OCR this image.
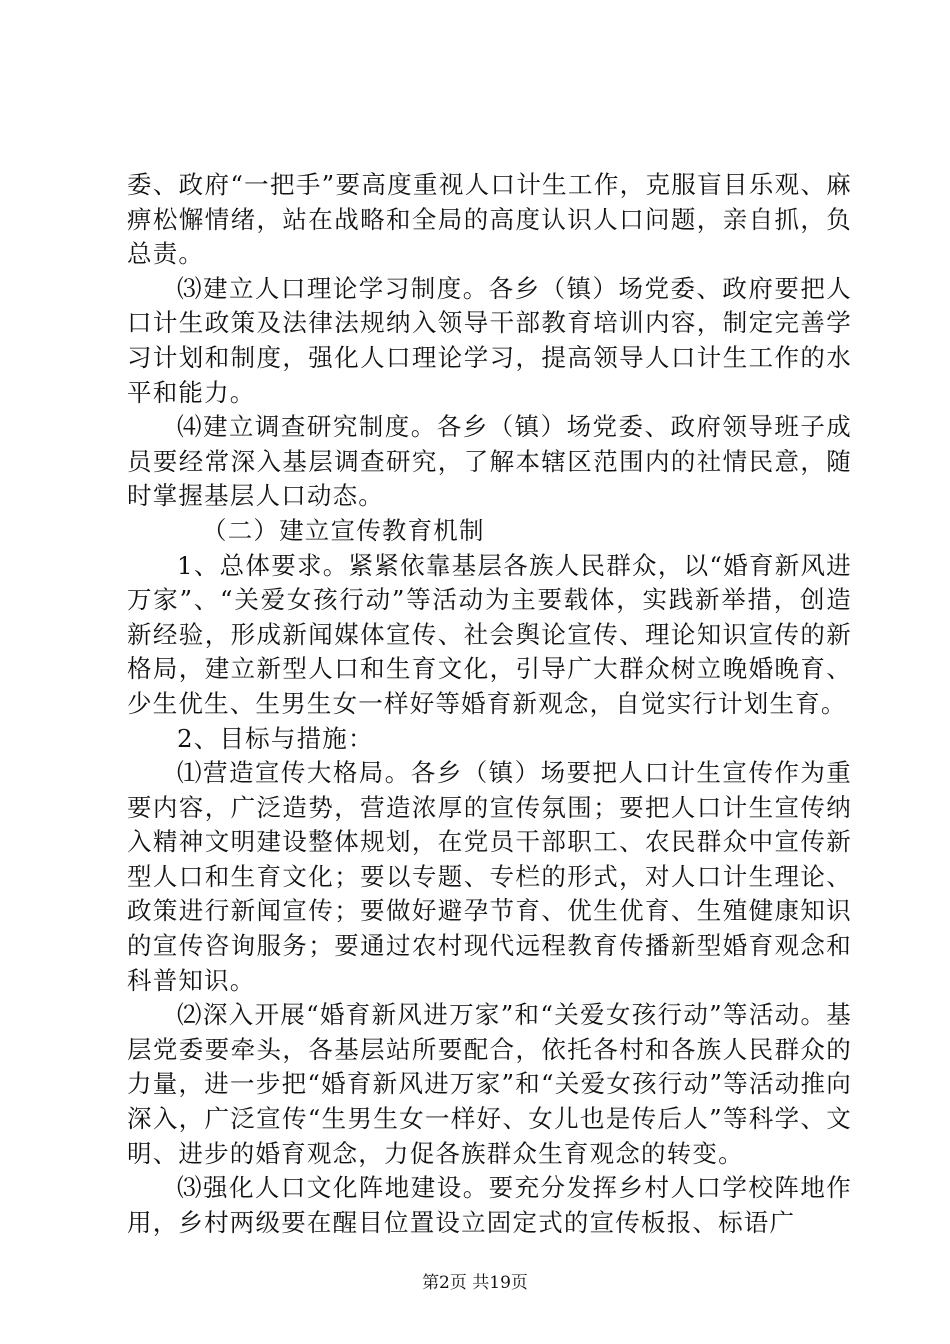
委、政府“一把手”要高度重视人口计生工作，克服盲目乐观、麻痹松懈情绪，站在战略和全局的高度认识人口问题，亲自抓，负总责。

⑶建立人口理论学习制度。各乡（镇）场党委、政府要把人口计生政策及法律法规纳入领导干部教育培训内容，制定完善学习计划和制度，强化人口理论学习，提高领导人口计生工作的水平和能力。

⑷建立调查研究制度。各乡（镇）场党委、政府领导班子成员要经常深入基层调查研究，了解本辖区范围内的社情民意，随时掌握基层人口动态。

（二）建立宣传教育机制

1、总体要求。紧紧依靠基层各族人民群众，以“婚育新风进万家”、“关爱女孩行动”等活动为主要载体，实践新举措，创造新经验，形成新闻媒体宣传、社会舆论宣传、理论知识宣传的新格局，建立新型人口和生育文化，引导广大群众树立晚婚晚育、少生优生、生男生女一样好等婚育新观念，自觉实行计划生育。

2、目标与措施：

⑴营造宣传大格局。各乡（镇）场要把人口计生宣传作为重要内容，广泛造势，营造浓厚的宣传氛围；要把人口计生宣传纳入精神文明建设整体规划，在党员干部职工、农民群众中宣传新型人口和生育文化；要以专题、专栏的形式，对人口计生理论、政策进行新闻宣传；要做好避孕节育、优生优育、生殖健康知识的宣传咨询服务；要通过农村现代远程教育传播新型婚育观念和科普知识。

⑵深入开展“婚育新风进万家”和“关爱女孩行动”等活动。基层党委要牵头，各基层站所要配合，依托各村和各族人民群众的力量，进一步把“婚育新风进万家”和“关爱女孩行动”等活动推向深入，广泛宣传“生男生女一样好、女儿也是传后人”等科学、文明、进步的婚育观念，力促各族群众生育观念的转变。

⑶强化人口文化阵地建设。要充分发挥乡村人口学校阵地作用，乡村两级要在醒目位置设立固定式的宣传板报、标语广

第2页 共19页
